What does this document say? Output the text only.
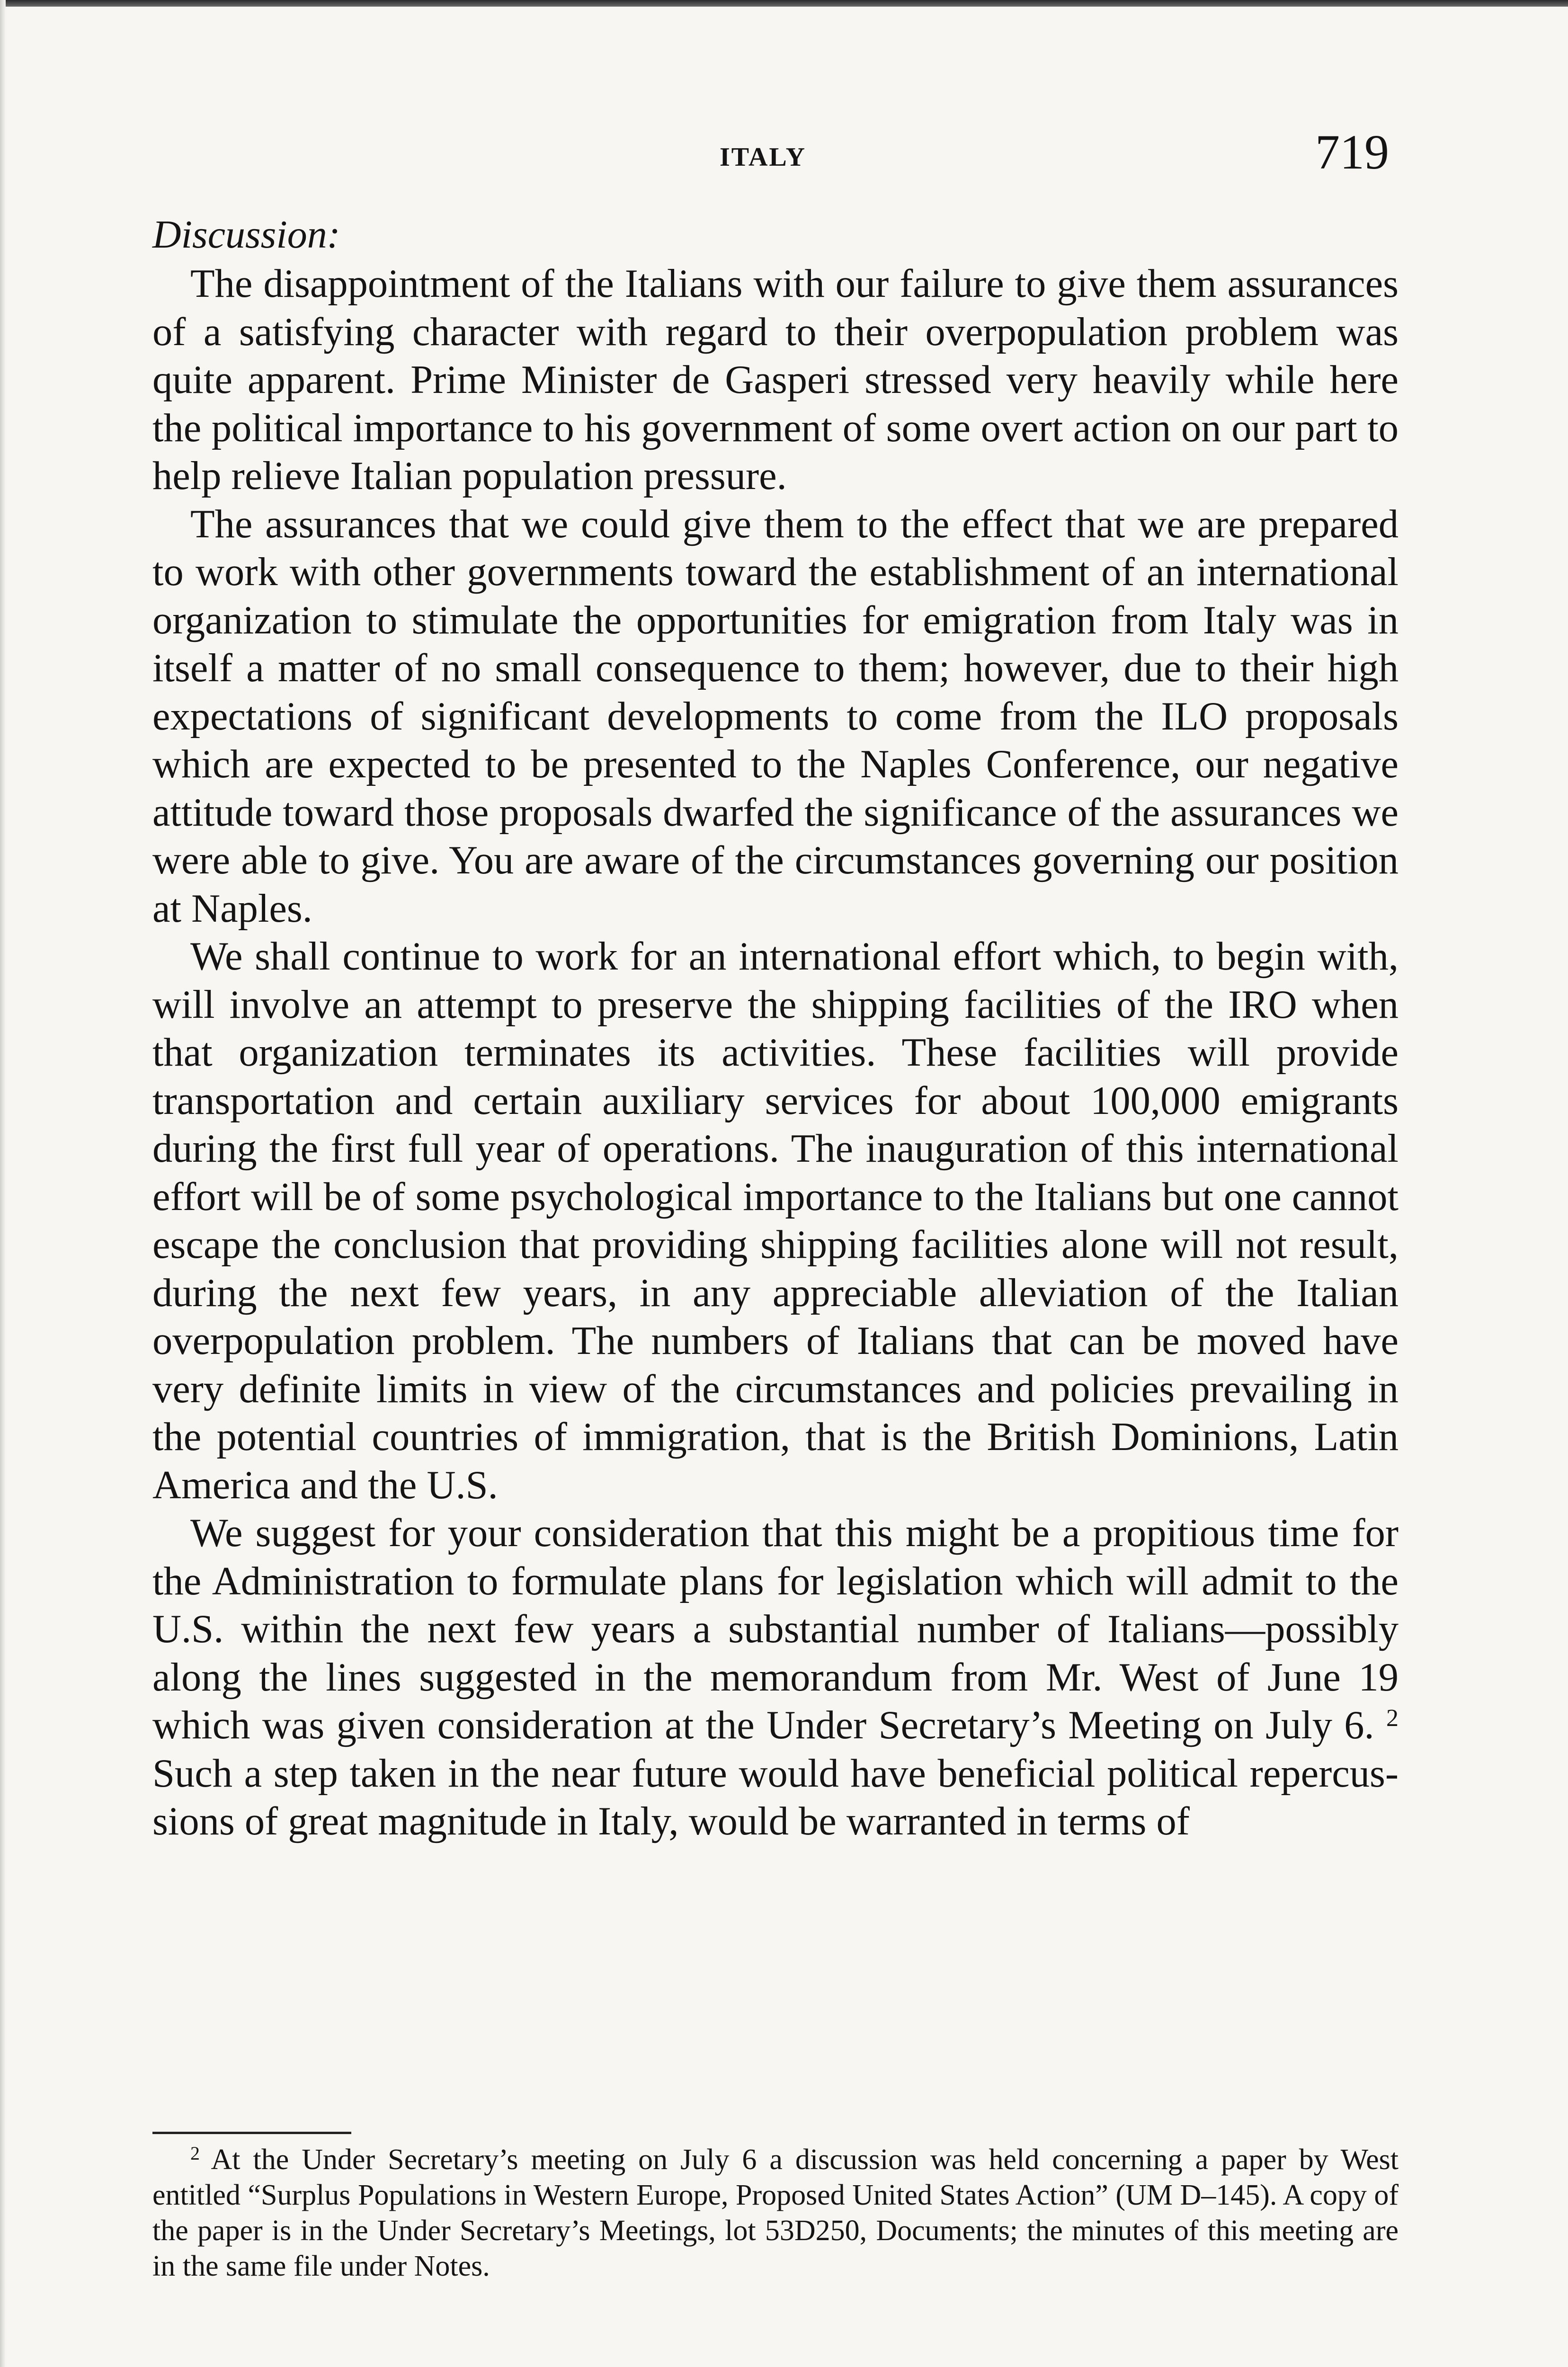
ITALY	719
Discussion:

The disappointment of the Italians with our failure to give them assurances of a satisfying character with regard to their overpopulation problem was quite apparent. Prime Minister de Gasperi stressed very heavily while here the political importance to his government of some overt action on our part to help relieve Italian population pressure.

The assurances that we could give them to the effect that we are prepared to work with other governments toward the establishment of an international organization to stimulate the opportunities for emigration from Italy was in itself a matter of no small consequence to them; however, due to their high expectations of significant developments to come from the ILO proposals which are expected to be presented to the Naples Conference, our negative attitude toward those proposals dwarfed the significance of the assurances we were able to give. You are aware of the circumstances governing our position at Naples.

We shall continue to work for an international effort which, to begin with, will involve an attempt to preserve the shipping facilities of the IRO when that organization terminates its activities. These facilities will provide transportation and certain auxiliary services for about 100,000 emigrants during the first full year of operations. The inauguration of this international effort will be of some psychological importance to the Italians but one cannot escape the conclusion that providing shipping facilities alone will not result, during the next few years, in any appreciable alleviation of the Italian overpopulation problem. The numbers of Italians that can be moved have very definite limits in view of the circumstances and policies prevailing in the potential countries of immigration, that is the British Dominions, Latin America and the U.S.

We suggest for your consideration that this might be a propitious time for the Administration to formulate plans for legislation which will admit to the U.S. within the next few years a substantial number of Italians—possibly along the lines suggested in the memorandum from Mr. West of June 19 which was given consideration at the Under Secretary’s Meeting on July 6. $^2$ Such a step taken in the near future would have beneficial political repercussions of great magnitude in Italy, would be warranted in terms of

$^2$ At the Under Secretary’s meeting on July 6 a discussion was held concerning a paper by West entitled “Surplus Populations in Western Europe, Proposed United States Action” (UM D–145). A copy of the paper is in the Under Secretary’s Meetings, lot 53D250, Documents; the minutes of this meeting are in the same file under Notes.
